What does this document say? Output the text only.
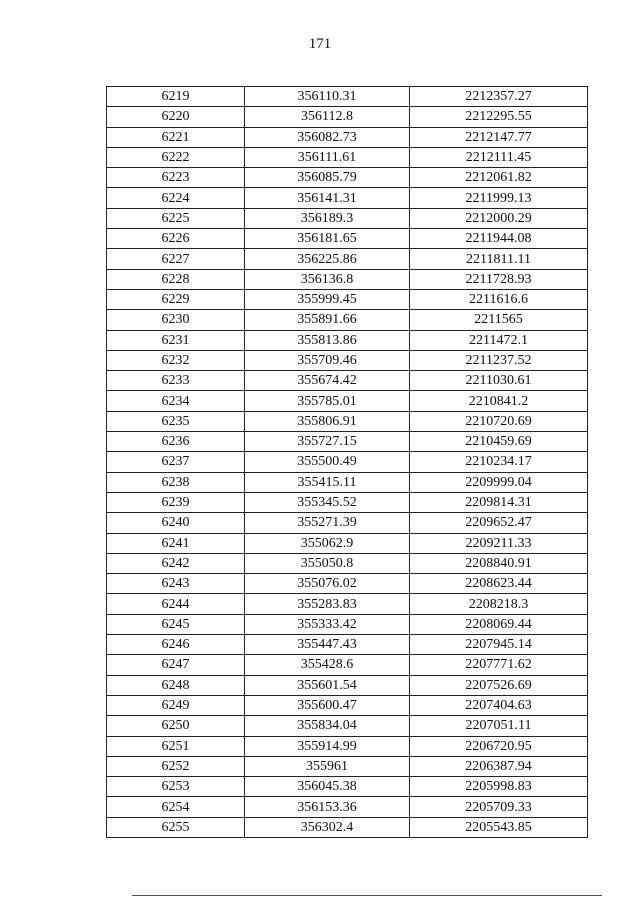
171
6219	356110.31	2212357.27
6220	356112.8	2212295.55
6221	356082.73	2212147.77
6222	356111.61	2212111.45
6223	356085.79	2212061.82
6224	356141.31	2211999.13
6225	356189.3	2212000.29
6226	356181.65	2211944.08
6227	356225.86	2211811.11
6228	356136.8	2211728.93
6229	355999.45	2211616.6
6230	355891.66	2211565
6231	355813.86	2211472.1
6232	355709.46	2211237.52
6233	355674.42	2211030.61
6234	355785.01	2210841.2
6235	355806.91	2210720.69
6236	355727.15	2210459.69
6237	355500.49	2210234.17
6238	355415.11	2209999.04
6239	355345.52	2209814.31
6240	355271.39	2209652.47
6241	355062.9	2209211.33
6242	355050.8	2208840.91
6243	355076.02	2208623.44
6244	355283.83	2208218.3
6245	355333.42	2208069.44
6246	355447.43	2207945.14
6247	355428.6	2207771.62
6248	355601.54	2207526.69
6249	355600.47	2207404.63
6250	355834.04	2207051.11
6251	355914.99	2206720.95
6252	355961	2206387.94
6253	356045.38	2205998.83
6254	356153.36	2205709.33
6255	356302.4	2205543.85
